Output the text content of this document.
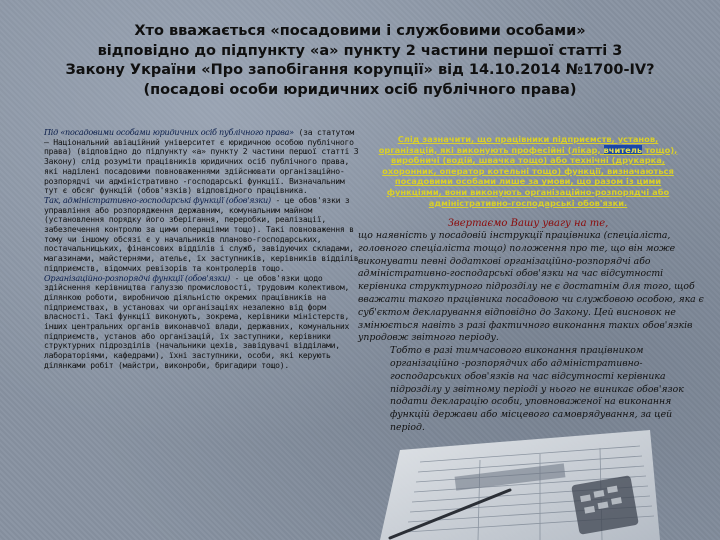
Хто вважається «посадовими і службовими особами»
відповідно до підпункту «а» пункту 2 частини першої статті 3
Закону України «Про запобігання корупції» від 14.10.2014 №1700-IV?
(посадові особи юридичних осіб публічного права)

Під «посадовими особами юридичних осіб публічного права» (за статутом – Національний авіаційний університет є юридичною особою публічного права) (відповідно до підпункту «а» пункту 2 частини першої статті 3 Закону) слід розуміти працівників юридичних осіб публічного права, які наділені посадовими повноваженнями здійснювати організаційно-розпорядчі чи адміністративно -господарські функції. Визначальним тут є обсяг функцій (обов'язків) відповідного працівника.

Так, адміністративно-господарські функції (обов'язки) - це обов'язки з управління або розпорядження державним, комунальним майном (установлення порядку його зберігання, переробки, реалізації, забезпечення контролю за цими операціями тощо). Такі повноваження в тому чи іншому обсязі є у начальників планово-господарських, постачальницьких, фінансових відділів і служб, завідуючих складами, магазинами, майстернями, ательє, їх заступників, керівників відділів підприємств, відомчих ревізорів та контролерів тощо.

Організаційно-розпорядчі функції (обов'язки) - це обов'язки щодо здійснення керівництва галуззю промисловості, трудовим колективом, ділянкою роботи, виробничою діяльністю окремих працівників на підприємствах, в установах чи організаціях незалежно від форм власності. Такі функції виконують, зокрема, керівники міністерств, інших центральних органів виконавчої влади, державних, комунальних підприємств, установ або організацій, їх заступники, керівники структурних підрозділів (начальники цехів, завідувачі відділами, лабораторіями, кафедрами), їхні заступники, особи, які керують ділянками робіт (майстри, виконроби, бригадири тощо).

Слід зазначити, що працівники підприємств, установ, організацій, які виконують професійні (лікар, вчитель тощо), виробничі (водій, швачка тощо) або технічні (друкарка, охоронник, оператор котельні тощо) функції, визначаються посадовими особами лише за умови, що разом із цими функціями, вони виконують організаційно-розпорядчі або адміністративно-господарські обов'язки.
Звертаємо Вашу увагу на те,

що наявність у посадовій інструкції працівника (спеціаліста, головного спеціаліста тощо) положення про те, що він може виконувати певні додаткові організаційно-розпорядчі або адміністративно-господарські обов'язки на час відсутності керівника структурного підрозділу не є достатнім для того, щоб вважати такого працівника посадовою чи службовою особою, яка є суб'єктом декларування відповідно до Закону. Цей висновок не змінюється навіть з разі фактичного виконання таких обов'язків упродовж звітного періоду.

Тобто в разі тимчасового виконання працівником організаційно -розпорядчих або адміністративно-господарських обов'язків на час відсутності керівника підрозділу у звітному періоді у нього не виникає обов'язок подати декларацію особи, уповноваженої на виконання функцій держави або місцевого самоврядування, за цей період.
